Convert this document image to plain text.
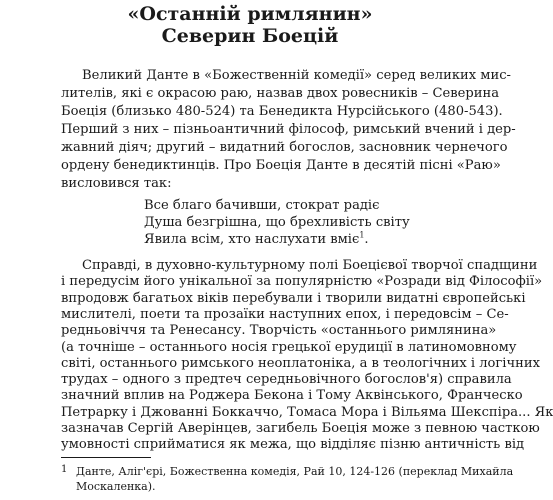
«Останній римлянин»
Северин Боецій
Великий Данте в «Божественній комедії» серед великих мис-
лителів, які є окрасою раю, назвав двох ровесників – Северина
Боеція (близько 480-524) та Бенедикта Нурсійського (480-543).
Перший з них – пізньоантичний філософ, римський вчений і дер-
жавний діяч; другий – видатний богослов, засновник чернечого
ордену бенедиктинців. Про Боеція Данте в десятій пісні «Раю»
висловився так:
Все благо бачивши, стократ радіє
Душа безгрішна, що брехливість світу
Явила всім, хто наслухати вміє$^1$.
Справді, в духовно-культурному полі Боецієвої творчої спадщини
і передусім його унікальної за популярністю «Розради від Філософії»
впродовж багатьох віків перебували і творили видатні європейські
мислителі, поети та прозаїки наступних епох, і передовсім – Се-
редньовіччя та Ренесансу. Творчість «останнього римлянина»
(а точніше – останнього носія грецької ерудиції в латиномовному
світі, останнього римського неоплатоніка, а в теологічних і логічних
трудах – одного з предтеч середньовічного богослов'я) справила
значний вплив на Роджера Бекона і Тому Аквінського, Франческо
Петрарку і Джованні Боккаччо, Томаса Мора і Вільяма Шекспіра... Як
зазначав Сергій Аверінцев, загибель Боеція може з певною часткою
умовності сприйматися як межа, що відділяє пізню античність від
1 Данте, Аліг'єрі, Божественна комедія, Рай 10, 124-126 (переклад Михайла
Москаленка).
